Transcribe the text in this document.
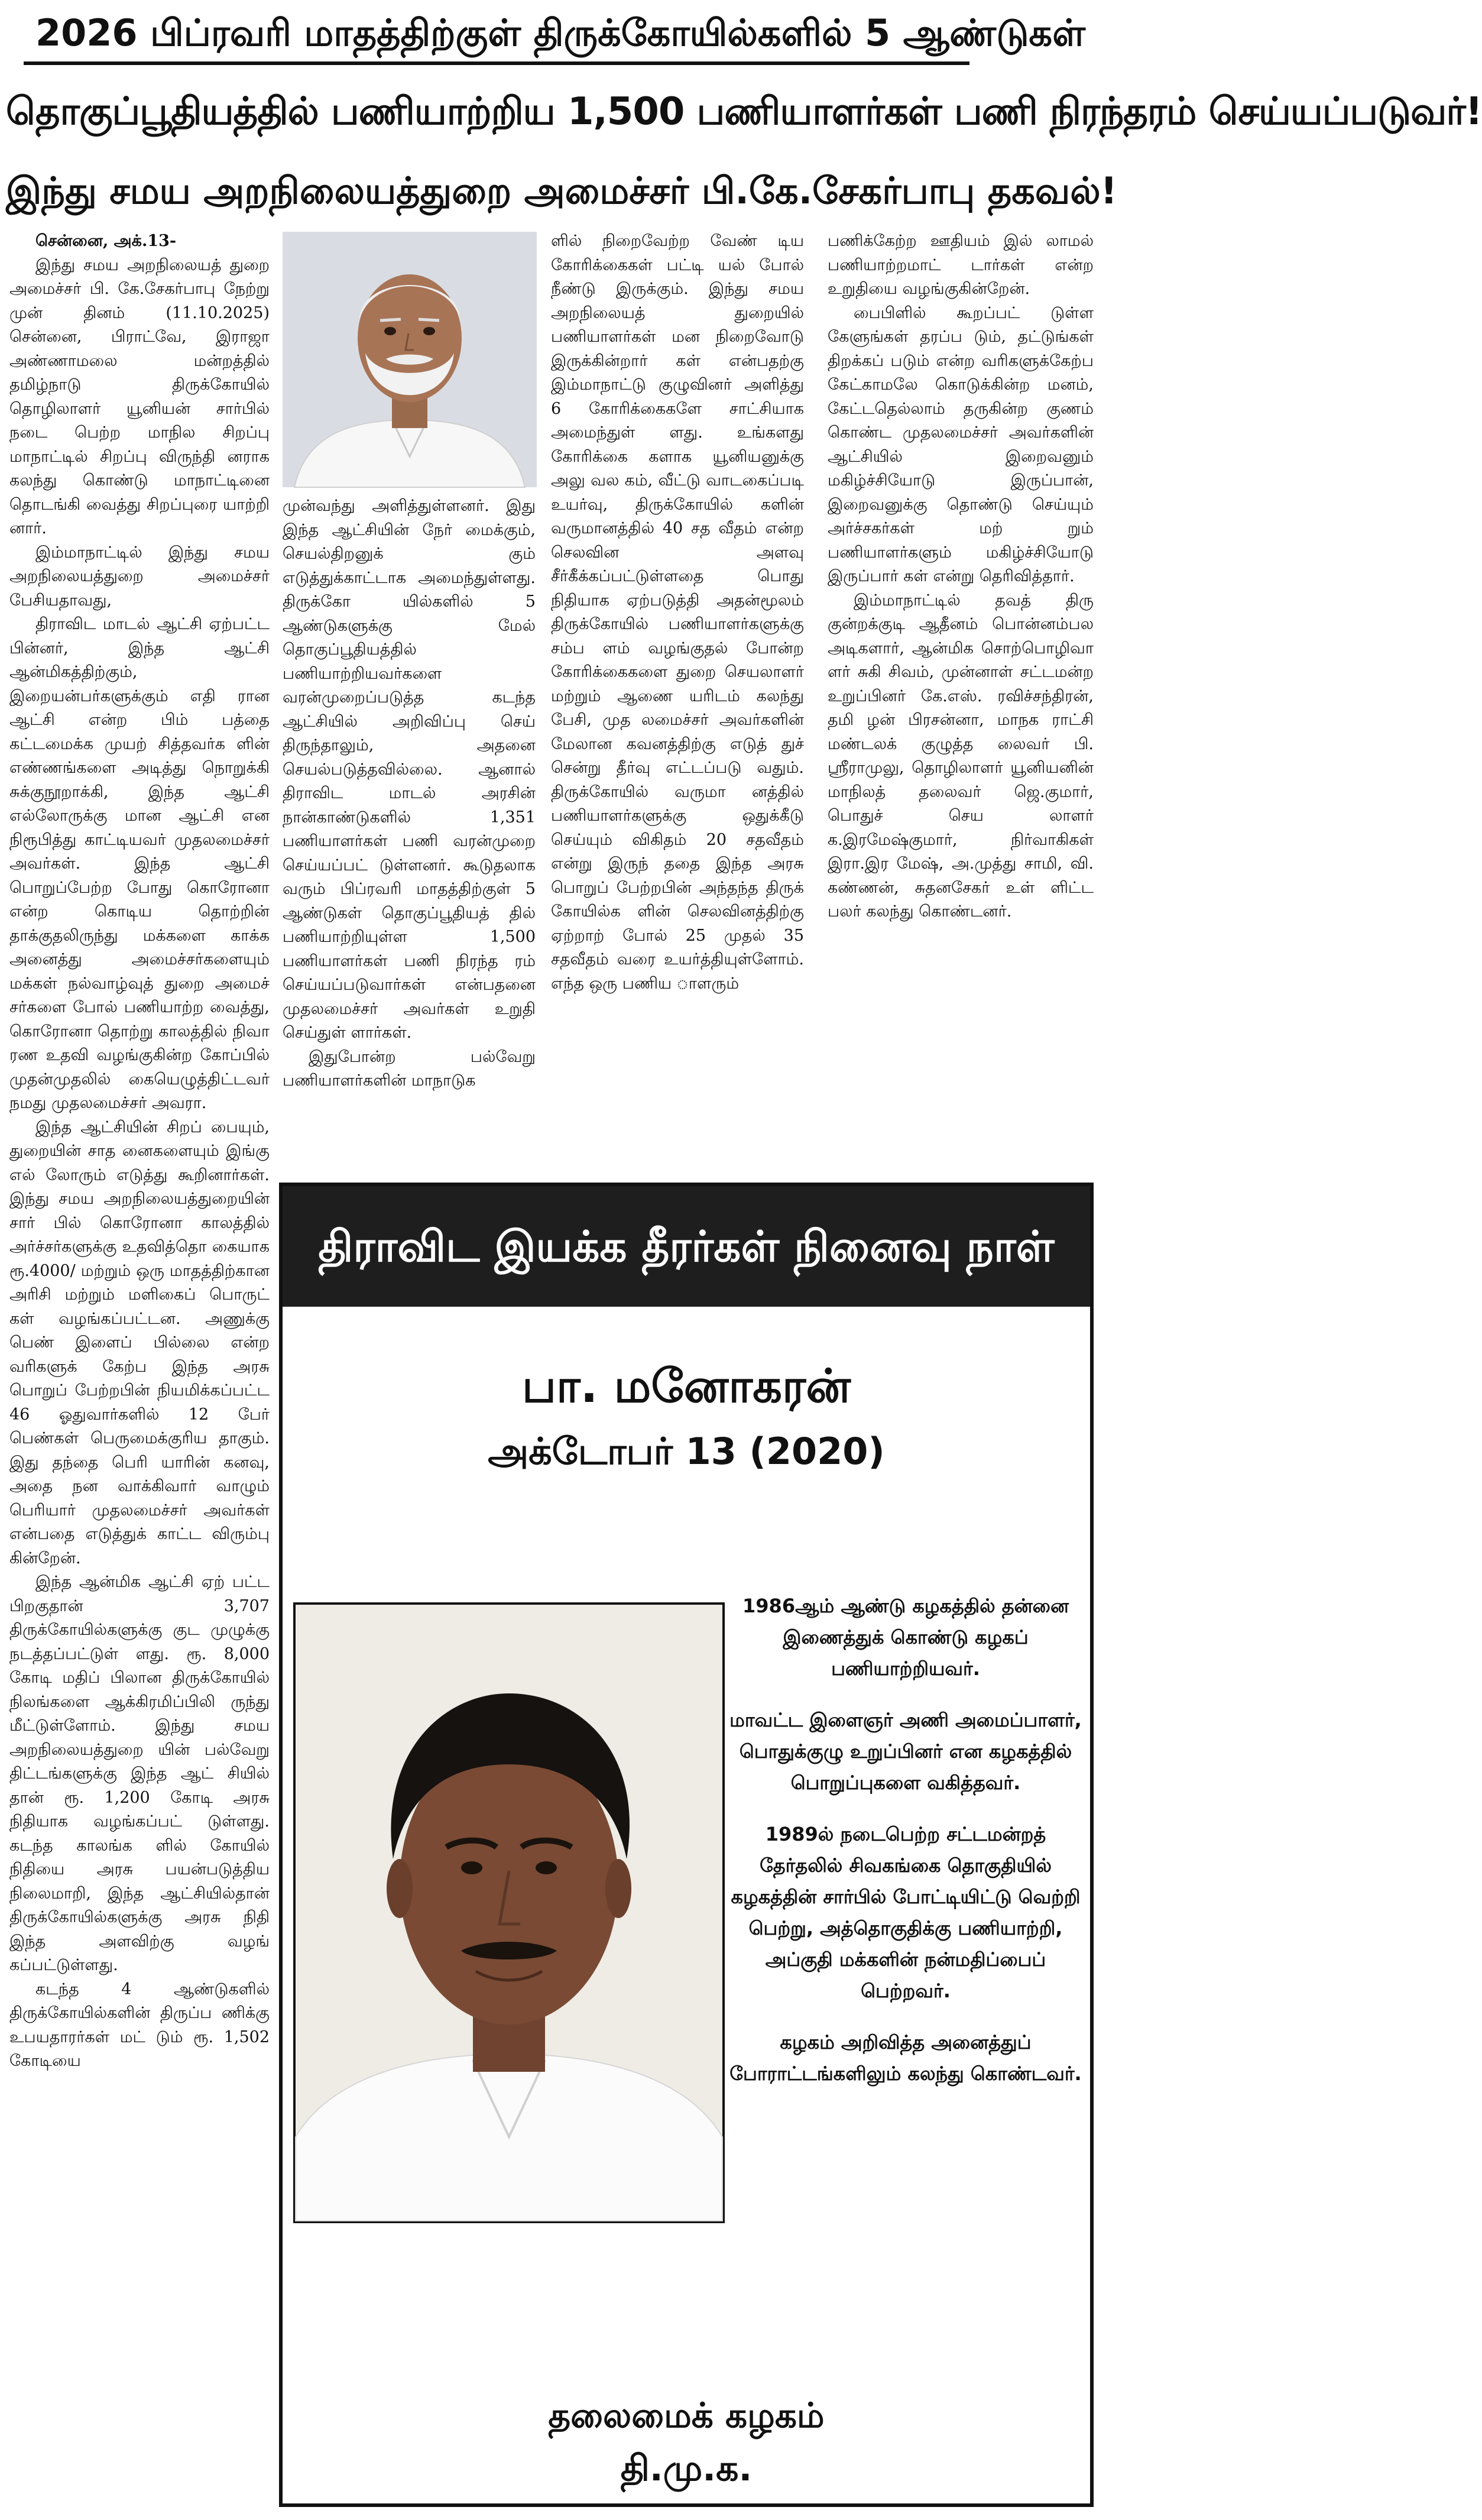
2026 பிப்ரவரி மாதத்திற்குள் திருக்கோயில்களில் 5 ஆண்டுகள்
தொகுப்பூதியத்தில் பணியாற்றிய 1,500 பணியாளர்கள் பணி நிரந்தரம் செய்யப்படுவர்!
இந்து சமய அறநிலையத்துறை அமைச்சர் பி.கே.சேகர்பாபு தகவல்!

சென்னை, அக்.13-

இந்து சமய அறநிலையத் துறை அமைச்சர் பி. கே.சேகர்பாபு நேற்று முன் தினம் (11.10.2025) சென்னை, பிராட்வே, இராஜா அண்ணாமலை மன்றத்தில் தமிழ்நாடு திருக்கோயில் தொழிலாளர் யூனியன் சார்பில் நடை பெற்ற மாநில சிறப்பு மாநாட்டில் சிறப்பு விருந்தி னராக கலந்து கொண்டு மாநாட்டினை தொடங்கி வைத்து சிறப்புரை யாற்றி னார்.

இம்மாநாட்டில் இந்து சமய அறநிலையத்துறை அமைச்சர் பேசியதாவது,

திராவிட மாடல் ஆட்சி ஏற்பட்ட பின்னர், இந்த ஆட்சி ஆன்மிகத்திற்கும், இறையன்பர்களுக்கும் எதி ரான ஆட்சி என்ற பிம் பத்தை கட்டமைக்க முயற் சித்தவர்க ளின் எண்ணங்களை அடித்து நொறுக்கி சுக்குநூறாக்கி, இந்த ஆட்சி எல்லோருக்கு மான ஆட்சி என நிரூபித்து காட்டியவர் முதலமைச்சர் அவர்கள். இந்த ஆட்சி பொறுப்பேற்ற போது கொரோனா என்ற கொடிய தொற்றின் தாக்குதலிருந்து மக்களை காக்க அனைத்து அமைச்சர்களையும் மக்கள் நல்வாழ்வுத் துறை அமைச் சர்களை போல் பணியாற்ற வைத்து, கொரோனா தொற்று காலத்தில் நிவா ரண உதவி வழங்குகின்ற கோப்பில் முதன்முதலில் கையெழுத்திட்டவர் நமது முதலமைச்சர் அவரா.

இந்த ஆட்சியின் சிறப் பையும், துறையின் சாத னைகளையும் இங்கு எல் லோரும் எடுத்து கூறினார்கள். இந்து சமய அறநிலையத்துறையின் சார் பில் கொரோனா காலத்தில் அர்ச்சர்களுக்கு உதவித்தொ கையாக ரூ.4000/ மற்றும் ஒரு மாதத்திற்கான அரிசி மற்றும் மளிகைப் பொருட் கள் வழங்கப்பட்டன. அணுக்கு பெண் இளைப் பில்லை என்ற வரிகளுக் கேற்ப இந்த அரசு பொறுப் பேற்றபின் நியமிக்கப்பட்ட 46 ஓதுவார்களில் 12 பேர் பெண்கள் பெருமைக்குரிய தாகும். இது தந்தை பெரி யாரின் கனவு, அதை நன வாக்கிவார் வாழும் பெரியார் முதலமைச்சர் அவர்கள் என்பதை எடுத்துக் காட்ட விரும்பு கின்றேன்.

இந்த ஆன்மிக ஆட்சி ஏற் பட்ட பிறகுதான் 3,707 திருக்கோயில்களுக்கு குட முழுக்கு நடத்தப்பட்டுள் ளது. ரூ. 8,000 கோடி மதிப் பிலான திருக்கோயில் நிலங்களை ஆக்கிரமிப்பிலி ருந்து மீட்டுள்ளோம். இந்து சமய அறநிலையத்துறை யின் பல்வேறு திட்டங்களுக்கு இந்த ஆட் சியில் தான் ரூ. 1,200 கோடி அரசு நிதியாக வழங்கப்பட் டுள்ளது. கடந்த காலங்க ளில் கோயில் நிதியை அரசு பயன்படுத்திய நிலைமாறி, இந்த ஆட்சியில்தான் திருக்கோயில்களுக்கு அரசு நிதி இந்த அளவிற்கு வழங் கப்பட்டுள்ளது.

கடந்த 4 ஆண்டுகளில் திருக்கோயில்களின் திருப்ப ணிக்கு உபயதாரர்கள் மட் டும் ரூ. 1,502 கோடியை

முன்வந்து அளித்துள்ளனர். இது இந்த ஆட்சியின் நேர் மைக்கும், செயல்திறனுக் கும் எடுத்துக்காட்டாக அமைந்துள்ளது. திருக்கோ யில்களில் 5 ஆண்டுகளுக்கு மேல் தொகுப்பூதியத்தில் பணியாற்றியவர்களை வரன்முறைப்படுத்த கடந்த ஆட்சியில் அறிவிப்பு செய் திருந்தாலும், அதனை செயல்படுத்தவில்லை. ஆனால் திராவிட மாடல் அரசின் நான்காண்டுகளில் 1,351 பணியாளர்கள் பணி வரன்முறை செய்யப்பட் டுள்ளனர். கூடுதலாக வரும் பிப்ரவரி மாதத்திற்குள் 5 ஆண்டுகள் தொகுப்பூதியத் தில் பணியாற்றியுள்ள 1,500 பணியாளர்கள் பணி நிரந்த ரம் செய்யப்படுவார்கள் என்பதனை முதலமைச்சர் அவர்கள் உறுதி செய்துள் ளார்கள்.

இதுபோன்ற பல்வேறு பணியாளர்களின் மாநாடுக

ளில் நிறைவேற்ற வேண் டிய கோரிக்கைகள் பட்டி யல் போல் நீண்டு இருக்கும். இந்து சமய அறநிலையத் துறையில் பணியாளர்கள் மன நிறைவோடு இருக்கின்றார் கள் என்பதற்கு இம்மாநாட்டு குழுவினர் அளித்து 6 கோரிக்கைகளே சாட்சியாக அமைந்துள் ளது. உங்களது கோரிக்கை களாக யூனியனுக்கு அலு வல கம், வீட்டு வாடகைப்படி உயர்வு, திருக்கோயில் களின் வருமானத்தில் 40 சத வீதம் என்ற செலவின அளவு சீர்கீக்கப்பட்டுள்ளதை பொது நிதியாக ஏற்படுத்தி அதன்மூலம் திருக்கோயில் பணியாளர்களுக்கு சம்ப ளம் வழங்குதல் போன்ற கோரிக்கைகளை துறை செயலாளர் மற்றும் ஆணை யரிடம் கலந்து பேசி, முத லமைச்சர் அவர்களின் மேலான கவனத்திற்கு எடுத் துச் சென்று தீர்வு எட்டப்படு வதும். திருக்கோயில் வருமா னத்தில் பணியாளர்களுக்கு ஒதுக்கீடு செய்யும் விகிதம் 20 சதவீதம் என்று இருந் ததை இந்த அரசு பொறுப் பேற்றபின் அந்தந்த திருக் கோயில்க ளின் செலவினத்திற்கு ஏற்றாற் போல் 25 முதல் 35 சதவீதம் வரை உயர்த்தியுள்ளோம். எந்த ஒரு பணிய ாளரும்

பணிக்கேற்ற ஊதியம் இல் லாமல் பணியாற்றமாட் டார்கள் என்ற உறுதியை வழங்குகின்றேன்.

பைபிளில் கூறப்பட் டுள்ள கேளுங்கள் தரப்ப டும், தட்டுங்கள் திறக்கப் படும் என்ற வரிகளுக்கேற்ப கேட்காமலே கொடுக்கின்ற மனம், கேட்டதெல்லாம் தருகின்ற குணம் கொண்ட முதலமைச்சர் அவர்களின் ஆட்சியில் இறைவனும் மகிழ்ச்சியோடு இருப்பான், இறைவனுக்கு தொண்டு செய்யும் அர்ச்சகர்கள் மற் றும் பணியாளர்களும் மகிழ்ச்சியோடு இருப்பார் கள் என்று தெரிவித்தார்.

இம்மாநாட்டில் தவத் திரு குன்றக்குடி ஆதீனம் பொன்னம்பல அடிகளார், ஆன்மிக சொற்பொழிவா ளர் சுகி சிவம், முன்னாள் சட்டமன்ற உறுப்பினர் கே.எஸ். ரவிச்சந்திரன், தமி ழன் பிரசன்னா, மாநக ராட்சி மண்டலக் குழுத்த லைவர் பி. ஸ்ரீராமுலு, தொழிலாளர் யூனியனின் மாநிலத் தலைவர் ஜெ.குமார், பொதுச் செய லாளர் க.இரமேஷ்குமார், நிர்வாகிகள் இரா.இர மேஷ், அ.முத்து சாமி, வி. கண்ணன், சுதனசேகர் உள் ளிட்ட பலர் கலந்து கொண்டனர்.

திராவிட இயக்க தீரர்கள் நினைவு நாள்
பா. மனோகரன்
அக்டோபர் 13 (2020)

1986ஆம் ஆண்டு கழகத்தில் தன்னை இணைத்துக் கொண்டு கழகப் பணியாற்றியவர்.

மாவட்ட இளைஞர் அணி அமைப்பாளர், பொதுக்குழு உறுப்பினர் என கழகத்தில் பொறுப்புகளை வகித்தவர்.

1989ல் நடைபெற்ற சட்டமன்றத் தேர்தலில் சிவகங்கை தொகுதியில் கழகத்தின் சார்பில் போட்டியிட்டு வெற்றி பெற்று, அத்தொகுதிக்கு பணியாற்றி, அப்குதி மக்களின் நன்மதிப்பைப் பெற்றவர்.

கழகம் அறிவித்த அனைத்துப் போராட்டங்களிலும் கலந்து கொண்டவர்.

தலைமைக் கழகம்
தி.மு.க.
